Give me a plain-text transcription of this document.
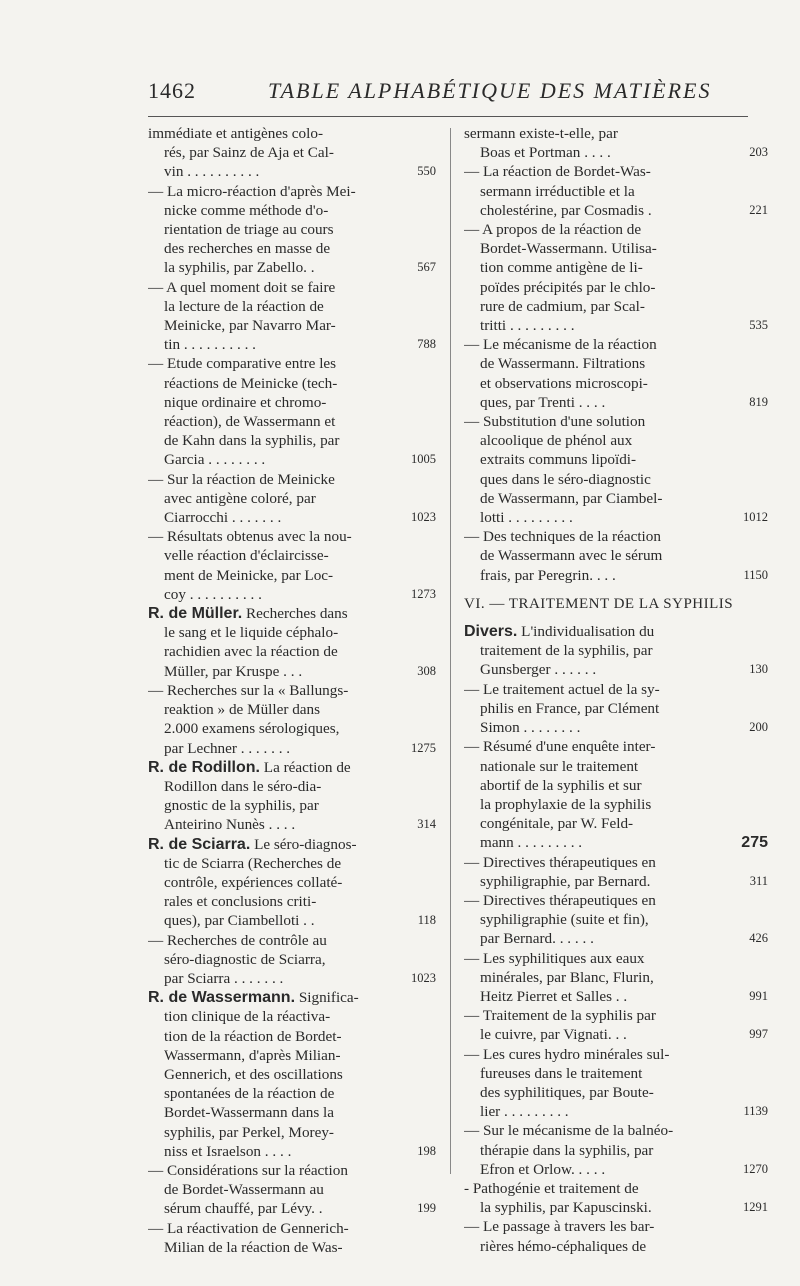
1462	TABLE ALPHABÉTIQUE DES MATIÈRES
immédiate et antigènes colo-
rés, par Sainz de Aja et Cal-
vin . . . . . . . . . .	550
— La micro-réaction d'après Mei-
nicke comme méthode d'o-
rientation de triage au cours
des recherches en masse de
la syphilis, par Zabello. .	567
— A quel moment doit se faire
la lecture de la réaction de
Meinicke, par Navarro Mar-
tin . . . . . . . . . .	788
— Etude comparative entre les
réactions de Meinicke (tech-
nique ordinaire et chromo-
réaction), de Wassermann et
de Kahn dans la syphilis, par
Garcia . . . . . . . .	1005
— Sur la réaction de Meinicke
avec antigène coloré, par
Ciarrocchi . . . . . . .	1023
— Résultats obtenus avec la nou-
velle réaction d'éclaircisse-
ment de Meinicke, par Loc-
coy . . . . . . . . . .	1273
R. de Müller. Recherches dans
le sang et le liquide céphalo-
rachidien avec la réaction de
Müller, par Kruspe . . .	308
— Recherches sur la « Ballungs-
reaktion » de Müller dans
2.000 examens sérologiques,
par Lechner . . . . . . .	1275
R. de Rodillon. La réaction de
Rodillon dans le séro-dia-
gnostic de la syphilis, par
Anteirino Nunès . . . .	314
R. de Sciarra. Le séro-diagnos-
tic de Sciarra (Recherches de
contrôle, expériences collaté-
rales et conclusions criti-
ques), par Ciambelloti . .	118
— Recherches de contrôle au
séro-diagnostic de Sciarra,
par Sciarra . . . . . . .	1023
R. de Wassermann. Significa-
tion clinique de la réactiva-
tion de la réaction de Bordet-
Wassermann, d'après Milian-
Gennerich, et des oscillations
spontanées de la réaction de
Bordet-Wassermann dans la
syphilis, par Perkel, Morey-
niss et Israelson . . . .	198
— Considérations sur la réaction
de Bordet-Wassermann au
sérum chauffé, par Lévy. .	199
— La réactivation de Gennerich-
Milian de la réaction de Was-
sermann existe-t-elle, par
Boas et Portman . . . .	203
— La réaction de Bordet-Was-
sermann irréductible et la
cholestérine, par Cosmadis .	221
— A propos de la réaction de
Bordet-Wassermann. Utilisa-
tion comme antigène de li-
poïdes précipités par le chlo-
rure de cadmium, par Scal-
tritti . . . . . . . . .	535
— Le mécanisme de la réaction
de Wassermann. Filtrations
et observations microscopi-
ques, par Trenti . . . .	819
— Substitution d'une solution
alcoolique de phénol aux
extraits communs lipoïdi-
ques dans le séro-diagnostic
de Wassermann, par Ciambel-
lotti . . . . . . . . .	1012
— Des techniques de la réaction
de Wassermann avec le sérum
frais, par Peregrin. . . .	1150
VI. — TRAITEMENT DE LA SYPHILIS
Divers. L'individualisation du
traitement de la syphilis, par
Gunsberger . . . . . .	130
— Le traitement actuel de la sy-
philis en France, par Clément
Simon . . . . . . . .	200
— Résumé d'une enquête inter-
nationale sur le traitement
abortif de la syphilis et sur
la prophylaxie de la syphilis
congénitale, par W. Feld-
mann . . . . . . . . .	275
— Directives thérapeutiques en
syphiligraphie, par Bernard.	311
— Directives thérapeutiques en
syphiligraphie (suite et fin),
par Bernard. . . . . .	426
— Les syphilitiques aux eaux
minérales, par Blanc, Flurin,
Heitz Pierret et Salles . .	991
— Traitement de la syphilis par
le cuivre, par Vignati. . .	997
— Les cures hydro minérales sul-
fureuses dans le traitement
des syphilitiques, par Boute-
lier . . . . . . . . .	1139
— Sur le mécanisme de la balnéo-
thérapie dans la syphilis, par
Efron et Orlow. . . . .	1270
- Pathogénie et traitement de
la syphilis, par Kapuscinski.	1291
— Le passage à travers les bar-
rières hémo-céphaliques de
